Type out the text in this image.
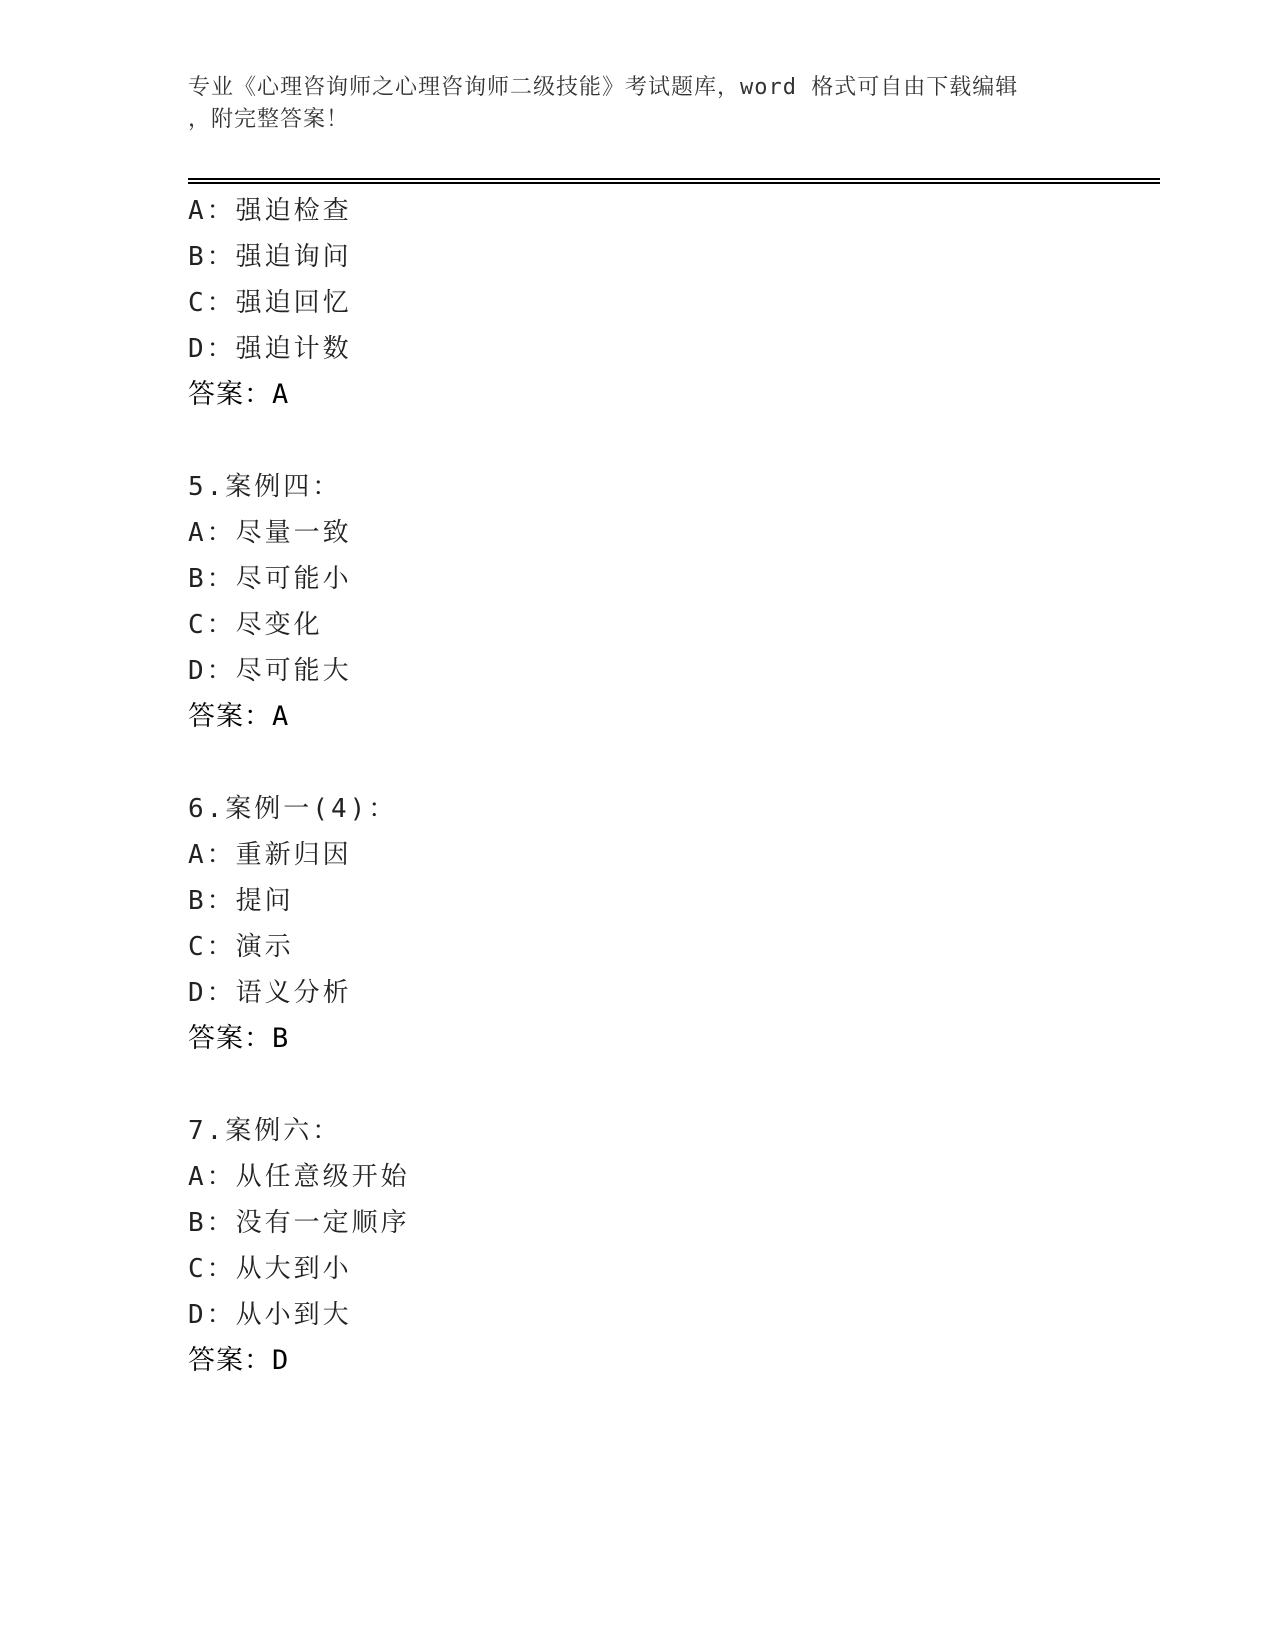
专业《心理咨询师之心理咨询师二级技能》考试题库，word 格式可自由下载编辑
，附完整答案！
A：强迫检查
B：强迫询问
C：强迫回忆
D：强迫计数
答案：A
5.案例四：
A：尽量一致
B：尽可能小
C：尽变化
D：尽可能大
答案：A
6.案例一(4)：
A：重新归因
B：提问
C：演示
D：语义分析
答案：B
7.案例六：
A：从任意级开始
B：没有一定顺序
C：从大到小
D：从小到大
答案：D
